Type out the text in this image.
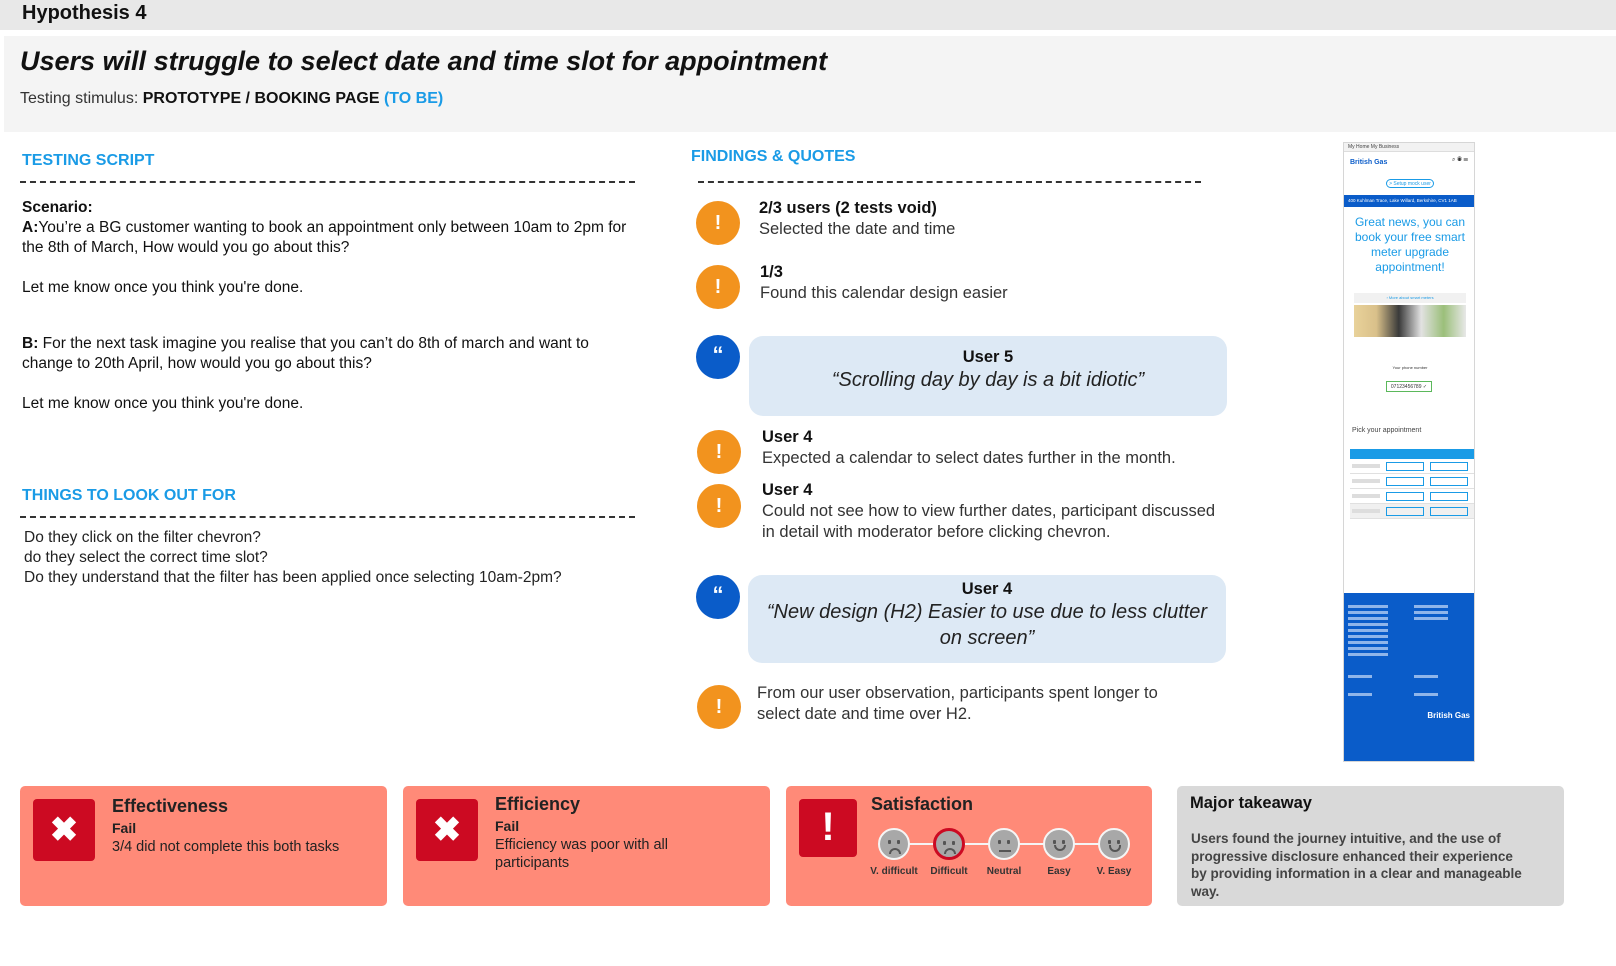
Hypothesis 4
Users will struggle to select date and time slot for appointment
Testing stimulus: PROTOTYPE / BOOKING PAGE (TO BE)
TESTING SCRIPT
Scenario:

A:You’re a BG customer wanting to book an appointment only between 10am to 2pm for the 8th of March, How would you go about this?

Let me know once you think you're done.

B: For the next task imagine you realise that you can’t do 8th of march and want to change to 20th April, how would you go about this?

Let me know once you think you're done.

THINGS TO LOOK OUT FOR
Do they click on the filter chevron?
do they select the correct time slot?
Do they understand that the filter has been applied once selecting 10am-2pm?
FINDINGS & QUOTES
!
2/3 users (2 tests void)
Selected the date and time
!
1/3
Found this calendar design easier
“	User 5
“Scrolling day by day is a bit idiotic”
!
User 4
Expected a calendar to select dates further in the month.
!
User 4
Could not see how to view further dates, participant discussed in detail with moderator before clicking chevron.
“	User 4
“New design (H2) Easier to use due to less clutter on screen”
!
From our user observation, participants spent longer to select date and time over H2.
My Home My Business
British Gas	⌕ ◉ ☰
> Setup mock user
400 Kuhlman Trace, Lake Willard, Berkshire, CV1 1AB
Great news, you can book your free smart meter upgrade appointment!
› More about smart meters
Your phone number
07123456789 ✓
Pick your appointment
British Gas
✖
Effectiveness
Fail
3/4 did not complete this both tasks	✖
Efficiency
Fail
Efficiency was poor with all participants
!
Satisfaction
V. difficult	Difficult	Neutral	Easy	V. Easy
Major takeaway
Users found the journey intuitive, and the use of progressive disclosure enhanced their experience by providing information in a clear and manageable way.
